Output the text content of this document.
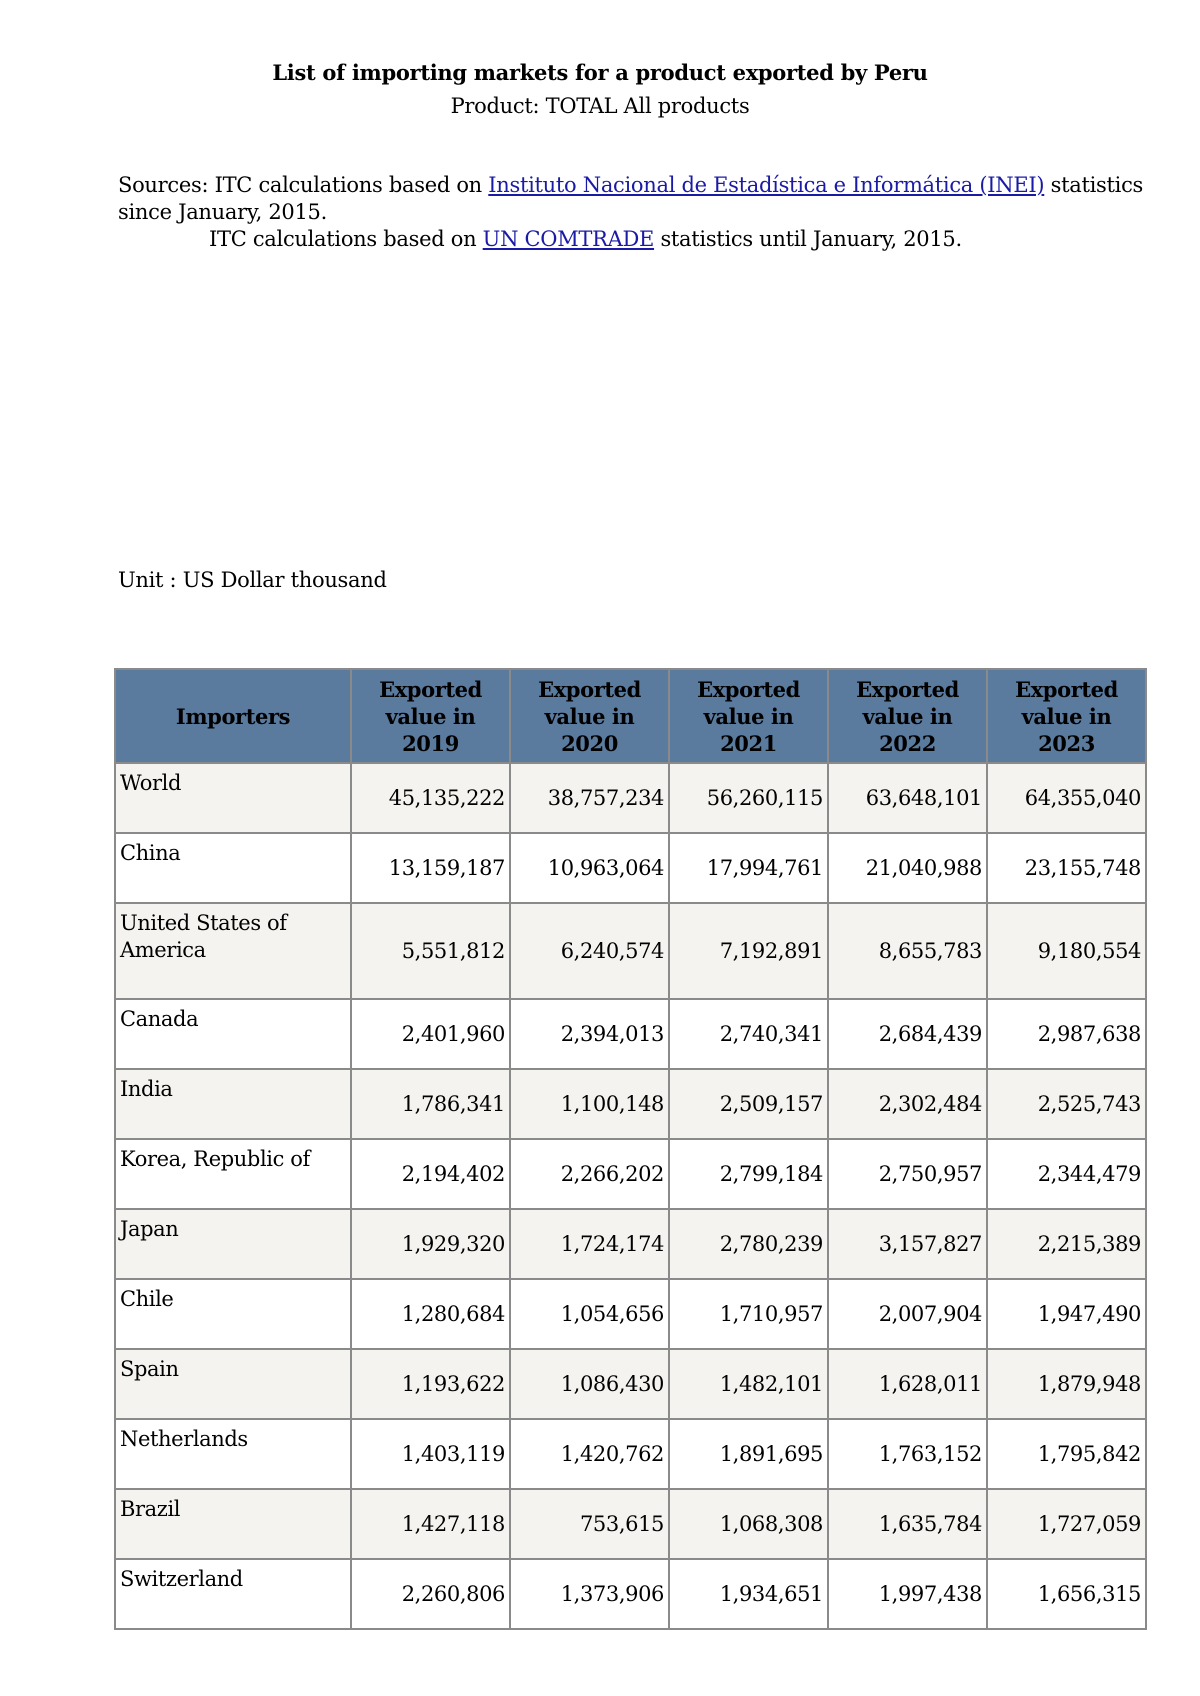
List of importing markets for a product exported by Peru
Product: TOTAL All products
Sources: ITC calculations based on Instituto Nacional de Estadística e Informática (INEI) statistics since January, 2015.
ITC calculations based on UN COMTRADE statistics until January, 2015.
Unit : US Dollar thousand
Importers	Exported value in 2019	Exported value in 2020	Exported value in 2021	Exported value in 2022	Exported value in 2023
World	45,135,222	38,757,234	56,260,115	63,648,101	64,355,040
China	13,159,187	10,963,064	17,994,761	21,040,988	23,155,748
United States of America	5,551,812	6,240,574	7,192,891	8,655,783	9,180,554
Canada	2,401,960	2,394,013	2,740,341	2,684,439	2,987,638
India	1,786,341	1,100,148	2,509,157	2,302,484	2,525,743
Korea, Republic of	2,194,402	2,266,202	2,799,184	2,750,957	2,344,479
Japan	1,929,320	1,724,174	2,780,239	3,157,827	2,215,389
Chile	1,280,684	1,054,656	1,710,957	2,007,904	1,947,490
Spain	1,193,622	1,086,430	1,482,101	1,628,011	1,879,948
Netherlands	1,403,119	1,420,762	1,891,695	1,763,152	1,795,842
Brazil	1,427,118	753,615	1,068,308	1,635,784	1,727,059
Switzerland	2,260,806	1,373,906	1,934,651	1,997,438	1,656,315
